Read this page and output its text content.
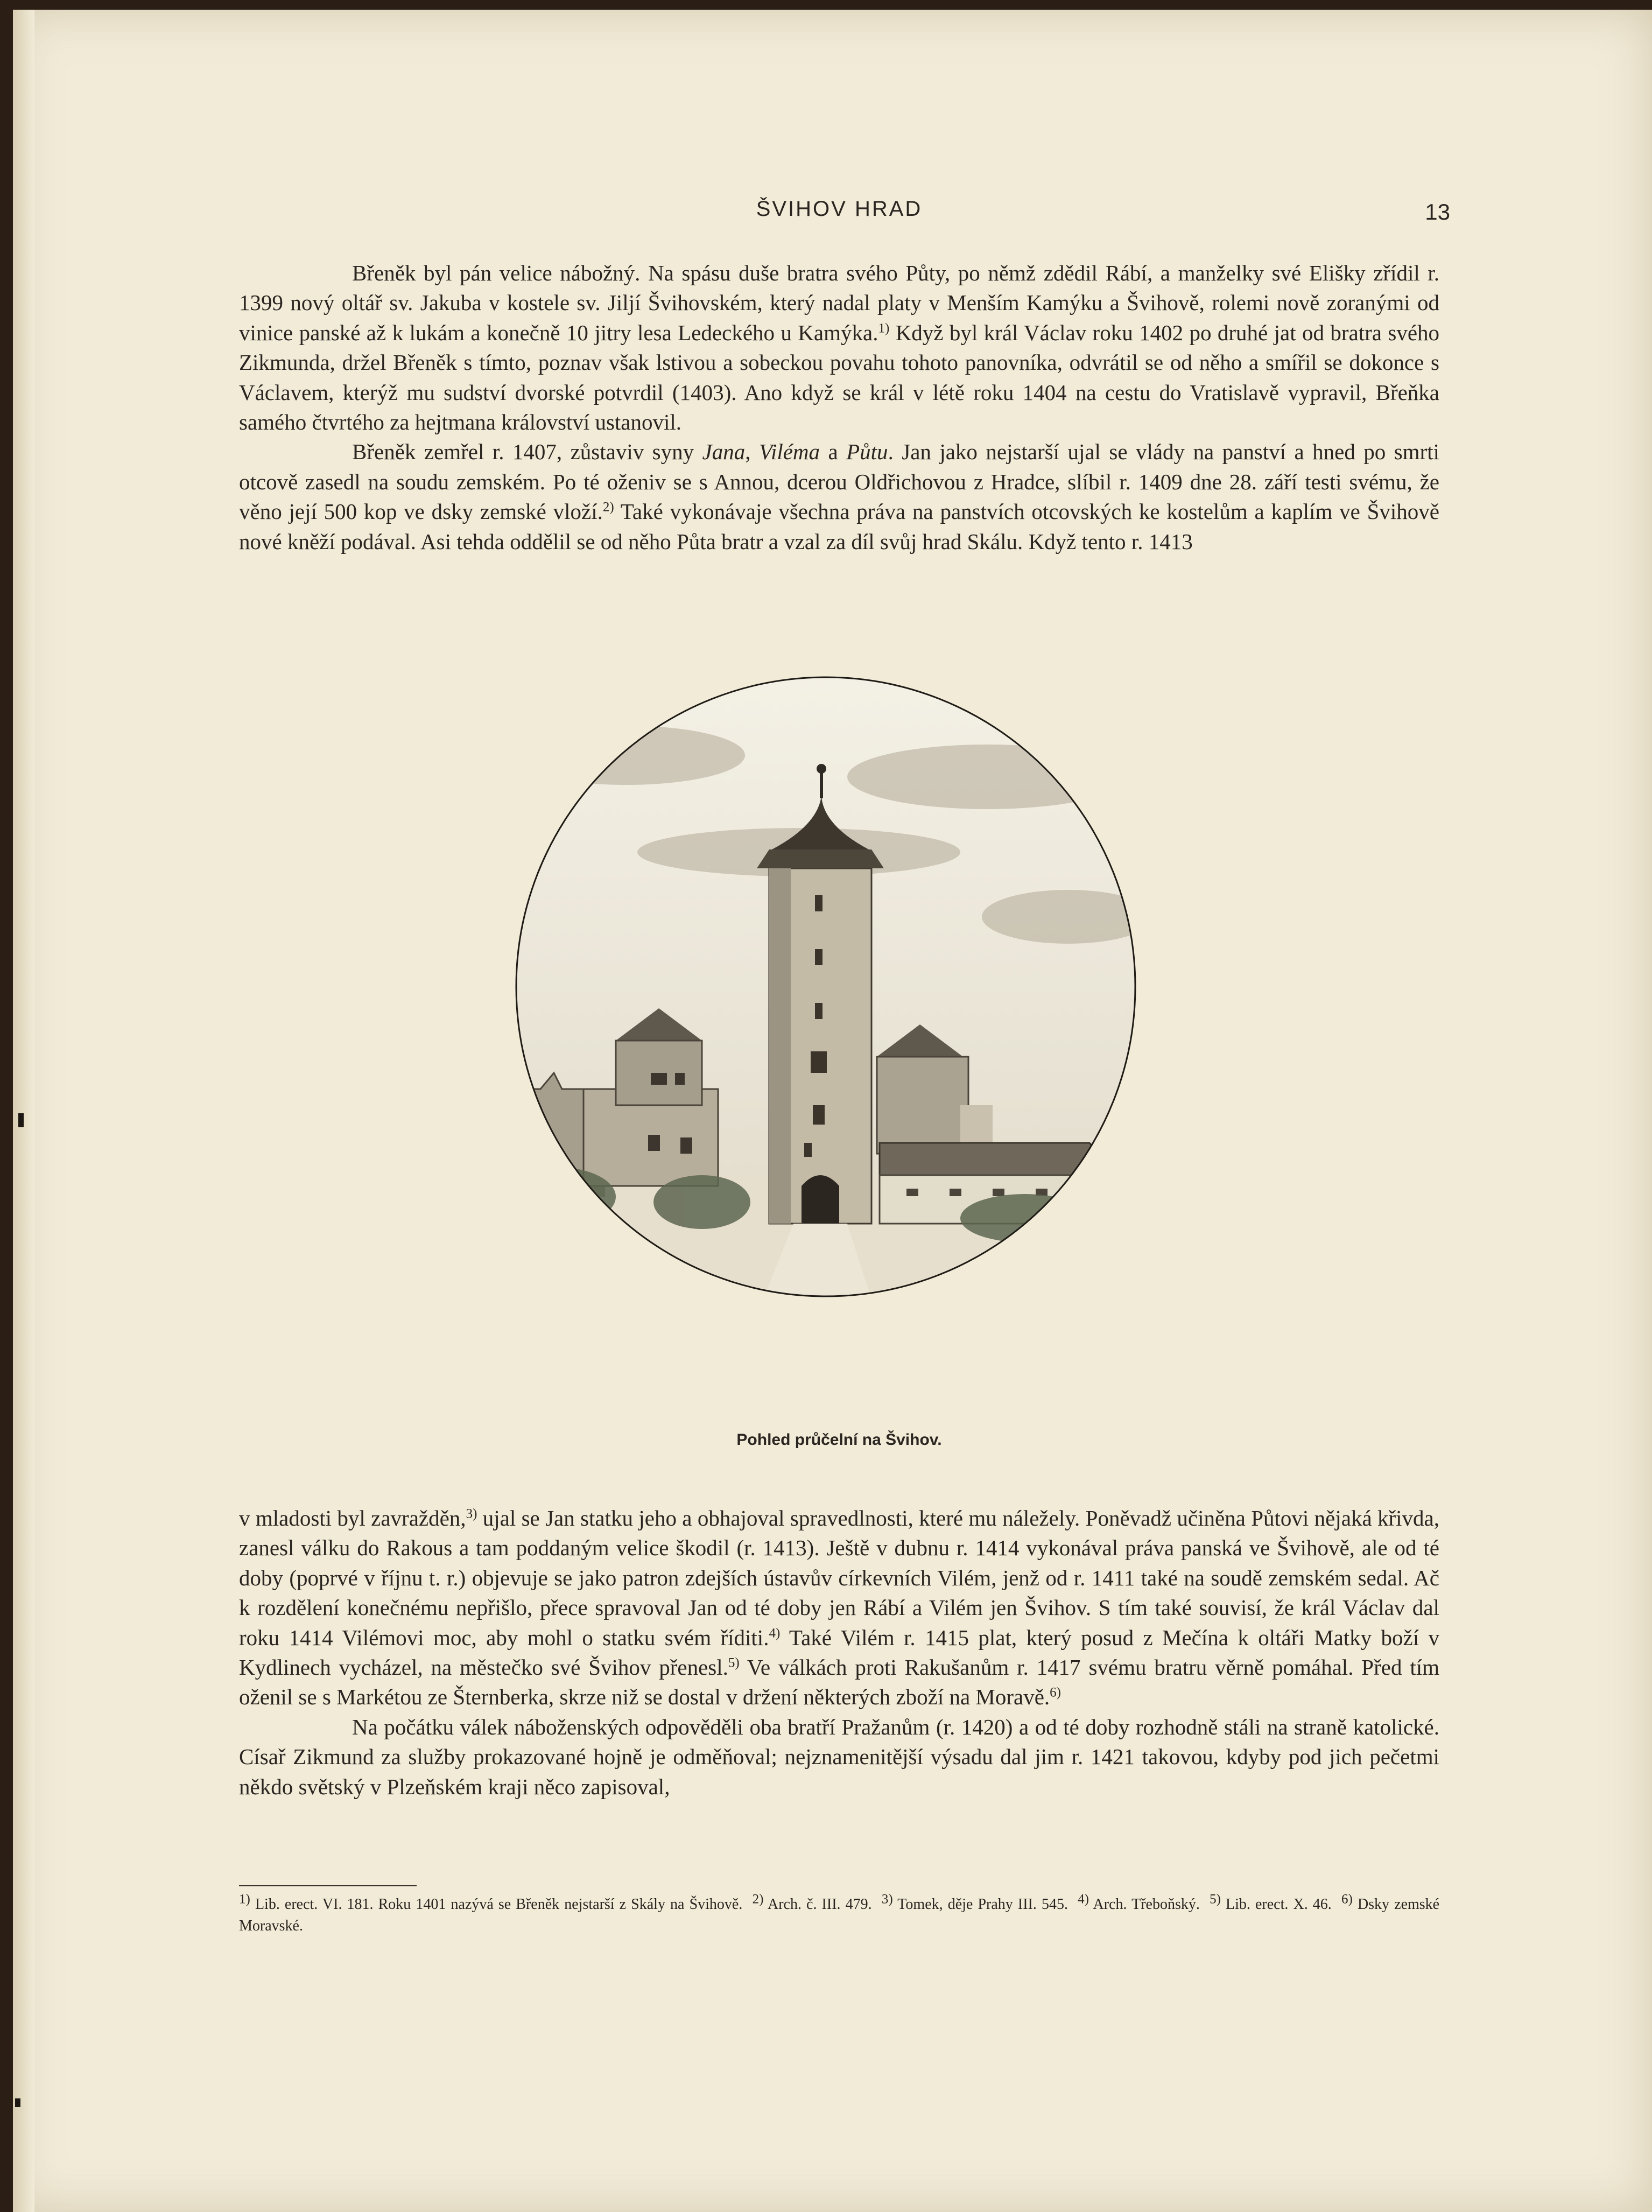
ŠVIHOV HRAD	13

Břeněk byl pán velice nábožný. Na spásu duše bratra svého Půty, po němž zdědil Rábí, a manželky své Elišky zřídil r. 1399 nový oltář sv. Jakuba v kostele sv. Jiljí Švihovském, který nadal platy v Menším Kamýku a Švihově, rolemi nově zoranými od vinice panské až k lukám a konečně 10 jitry lesa Ledeckého u Kamýka.$^{1)}$ Když byl král Václav roku 1402 po druhé jat od bratra svého Zikmunda, držel Břeněk s tímto, poznav však lstivou a sobeckou povahu tohoto panovníka, odvrátil se od něho a smířil se dokonce s Václavem, kterýž mu sudství dvorské potvrdil (1403). Ano když se král v létě roku 1404 na cestu do Vratislavě vypravil, Břeňka samého čtvrtého za hejtmana království ustanovil.

Břeněk zemřel r. 1407, zůstaviv syny Jana, Viléma a Půtu. Jan jako nejstarší ujal se vlády na panství a hned po smrti otcově zasedl na soudu zemském. Po té oženiv se s Annou, dcerou Oldřichovou z Hradce, slíbil r. 1409 dne 28. září testi svému, že věno její 500 kop ve dsky zemské vloží.$^{2)}$ Také vykonávaje všechna práva na panstvích otcovských ke kostelům a kaplím ve Švihově nové kněží podával. Asi tehda oddělil se od něho Půta bratr a vzal za díl svůj hrad Skálu. Když tento r. 1413

Pohled průčelní na Švihov.

v mladosti byl zavražděn,$^{3)}$ ujal se Jan statku jeho a obhajoval spravedlnosti, které mu náležely. Poněvadž učiněna Půtovi nějaká křivda, zanesl válku do Rakous a tam poddaným velice škodil (r. 1413). Ještě v dubnu r. 1414 vykonával práva panská ve Švihově, ale od té doby (poprvé v říjnu t. r.) objevuje se jako patron zdejších ústavův církevních Vilém, jenž od r. 1411 také na soudě zemském sedal. Ač k rozdělení konečnému nepřišlo, přece spravoval Jan od té doby jen Rábí a Vilém jen Švihov. S tím také souvisí, že král Václav dal roku 1414 Vilémovi moc, aby mohl o statku svém říditi.$^{4)}$ Také Vilém r. 1415 plat, který posud z Mečína k oltáři Matky boží v Kydlinech vycházel, na městečko své Švihov přenesl.$^{5)}$ Ve válkách proti Rakušanům r. 1417 svému bratru věrně pomáhal. Před tím oženil se s Markétou ze Šternberka, skrze niž se dostal v držení některých zboží na Moravě.$^{6)}$

Na počátku válek náboženských odpověděli oba bratří Pražanům (r. 1420) a od té doby rozhodně stáli na straně katolické. Císař Zikmund za služby prokazované hojně je odměňoval; nejznamenitější výsadu dal jim r. 1421 takovou, kdyby pod jich pečetmi někdo světský v Plzeňském kraji něco zapisoval,

$^{1)}$ Lib. erect. VI. 181. Roku 1401 nazývá se Břeněk nejstarší z Skály na Švihově. $^{2)}$ Arch. č. III. 479. $^{3)}$ Tomek, děje Prahy III. 545. $^{4)}$ Arch. Třeboňský. $^{5)}$ Lib. erect. X. 46. $^{6)}$ Dsky zemské Moravské.
